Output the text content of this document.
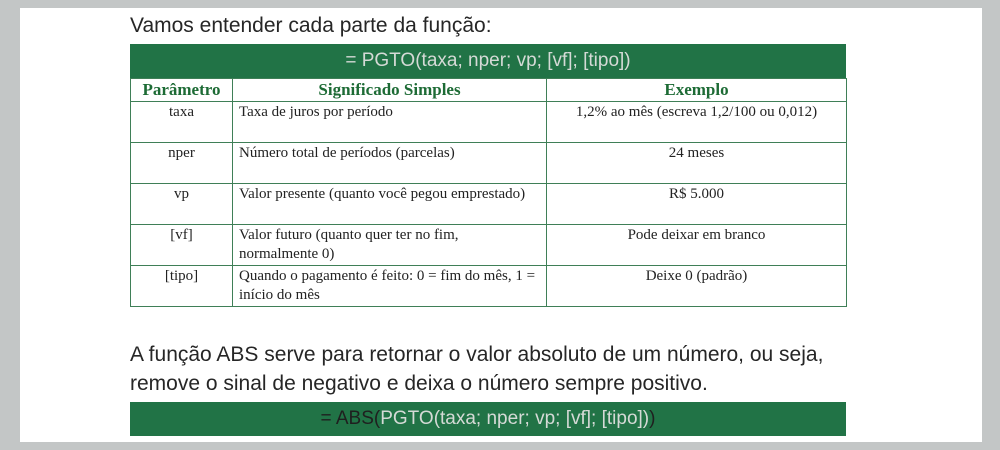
Vamos entender cada parte da função:
= PGTO(taxa; nper; vp; [vf]; [tipo])
Parâmetro	Significado Simples	Exemplo
taxa	Taxa de juros por período	1,2% ao mês (escreva 1,2/100 ou 0,012)
nper	Número total de períodos (parcelas)	24 meses
vp	Valor presente (quanto você pegou emprestado)	R$ 5.000
[vf]	Valor futuro (quanto quer ter no fim, normalmente 0)	Pode deixar em branco
[tipo]	Quando o pagamento é feito: 0 = fim do mês, 1 = início do mês	Deixe 0 (padrão)
A função ABS serve para retornar o valor absoluto de um número, ou seja,
remove o sinal de negativo e deixa o número sempre positivo.
= ABS( PGTO(taxa; nper; vp; [vf]; [tipo]) )
